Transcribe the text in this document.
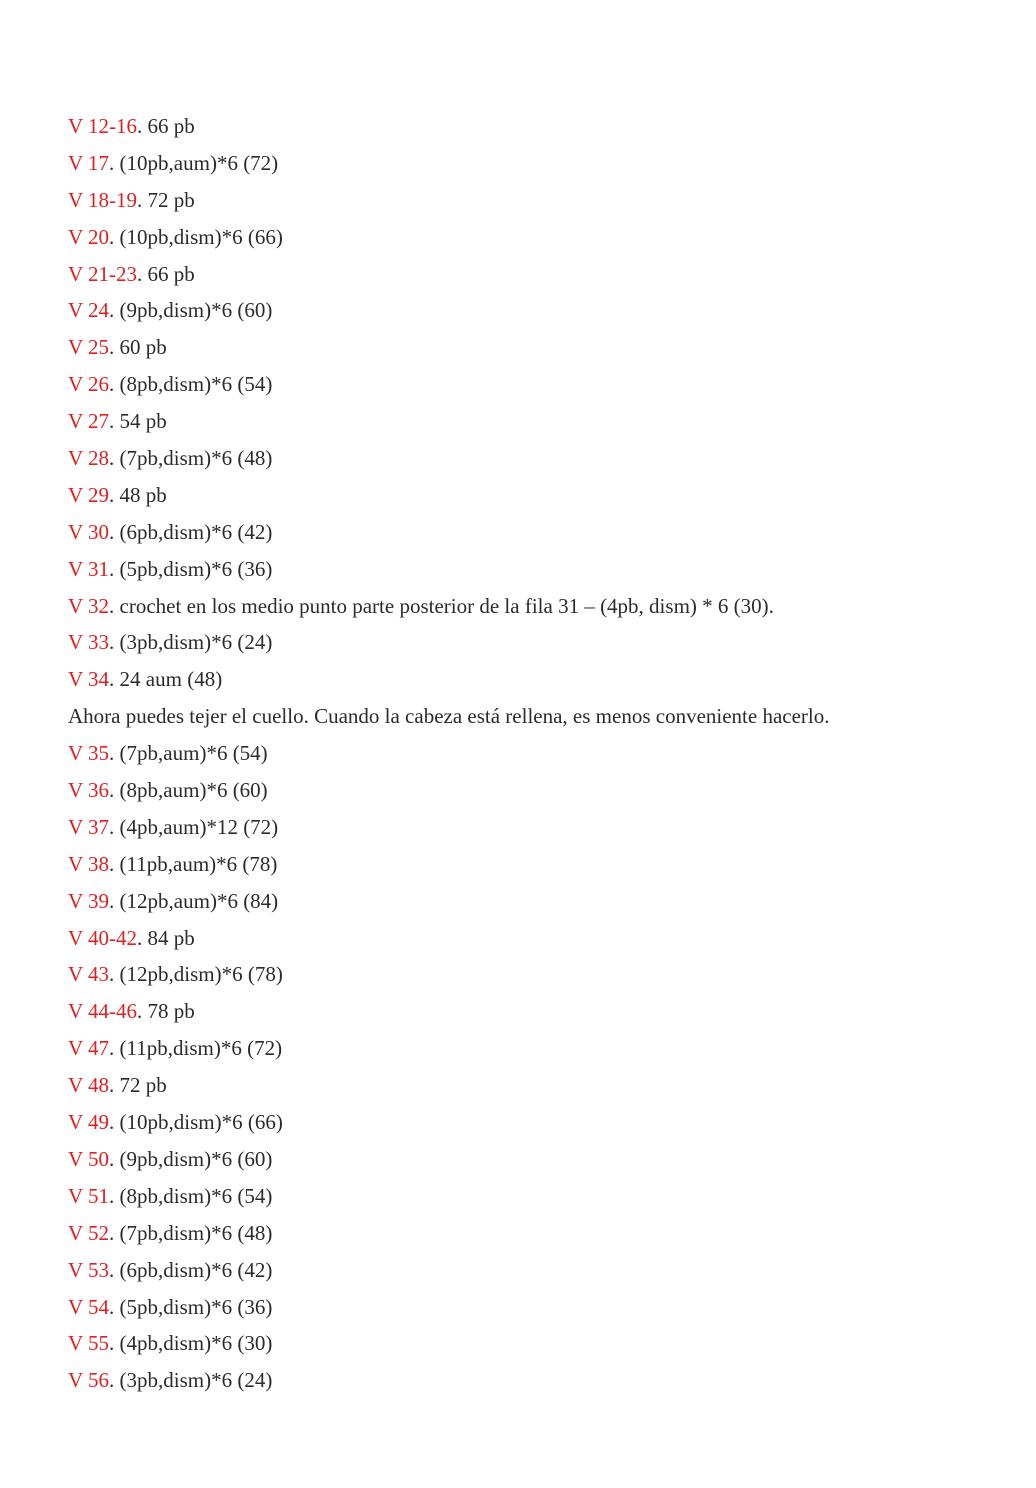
V 12-16. 66 pb
V 17. (10pb,aum)*6 (72)
V 18-19. 72 pb
V 20. (10pb,dism)*6 (66)
V 21-23. 66 pb
V 24. (9pb,dism)*6 (60)
V 25. 60 pb
V 26. (8pb,dism)*6 (54)
V 27. 54 pb
V 28. (7pb,dism)*6 (48)
V 29. 48 pb
V 30. (6pb,dism)*6 (42)
V 31. (5pb,dism)*6 (36)
V 32. crochet en los medio punto parte posterior de la fila 31 – (4pb, dism) * 6 (30).
V 33. (3pb,dism)*6 (24)
V 34. 24 aum (48)
Ahora puedes tejer el cuello. Cuando la cabeza está rellena, es menos conveniente hacerlo.
V 35. (7pb,aum)*6 (54)
V 36. (8pb,aum)*6 (60)
V 37. (4pb,aum)*12 (72)
V 38. (11pb,aum)*6 (78)
V 39. (12pb,aum)*6 (84)
V 40-42. 84 pb
V 43. (12pb,dism)*6 (78)
V 44-46. 78 pb
V 47. (11pb,dism)*6 (72)
V 48. 72 pb
V 49. (10pb,dism)*6 (66)
V 50. (9pb,dism)*6 (60)
V 51. (8pb,dism)*6 (54)
V 52. (7pb,dism)*6 (48)
V 53. (6pb,dism)*6 (42)
V 54. (5pb,dism)*6 (36)
V 55. (4pb,dism)*6 (30)
V 56. (3pb,dism)*6 (24)
